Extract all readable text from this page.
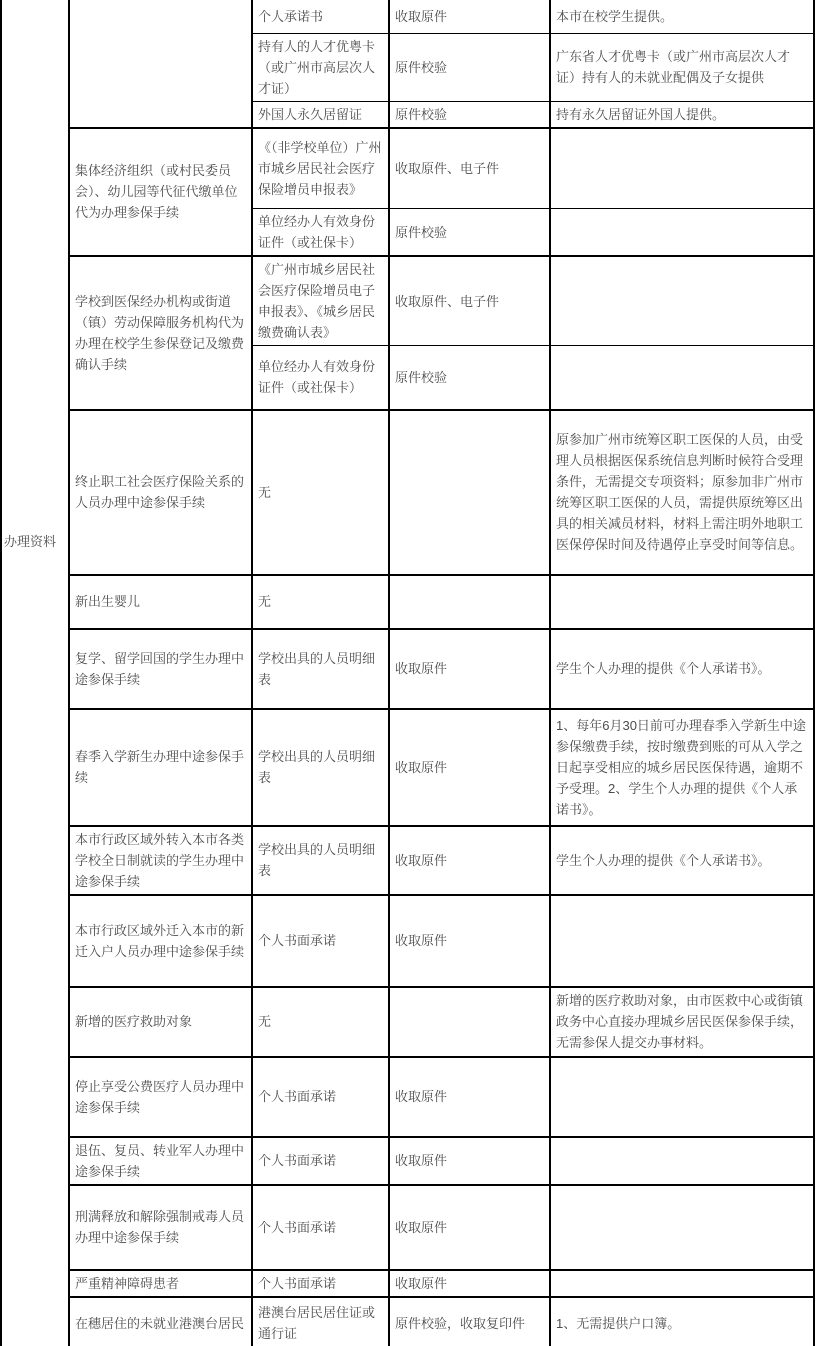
办理资料		个人承诺书	收取原件	本市在校学生提供。
		持有人的人才优粤卡（或广州市高层次人才证）	原件校验	广东省人才优粤卡（或广州市高层次人才证）持有人的未就业配偶及子女提供
		外国人永久居留证	原件校验	持有永久居留证外国人提供。
	集体经济组织（或村民委员会）、幼儿园等代征代缴单位代为办理参保手续	《（非学校单位）广州市城乡居民社会医疗保险增员申报表》	收取原件、电子件	
		单位经办人有效身份证件（或社保卡）	原件校验	
	学校到医保经办机构或街道（镇）劳动保障服务机构代为办理在校学生参保登记及缴费确认手续	《广州市城乡居民社会医疗保险增员电子申报表》、《城乡居民缴费确认表》	收取原件、电子件	
		单位经办人有效身份证件（或社保卡）	原件校验	
	终止职工社会医疗保险关系的人员办理中途参保手续	无		原参加广州市统筹区职工医保的人员，由受理人员根据医保系统信息判断时候符合受理条件，无需提交专项资料；原参加非广州市统筹区职工医保的人员，需提供原统筹区出具的相关减员材料，材料上需注明外地职工医保停保时间及待遇停止享受时间等信息。
	新出生婴儿	无		
	复学、留学回国的学生办理中途参保手续	学校出具的人员明细表	收取原件	学生个人办理的提供《个人承诺书》。
	春季入学新生办理中途参保手续	学校出具的人员明细表	收取原件	1、每年6月30日前可办理春季入学新生中途参保缴费手续，按时缴费到账的可从入学之日起享受相应的城乡居民医保待遇，逾期不予受理。2、学生个人办理的提供《个人承诺书》。
	本市行政区域外转入本市各类学校全日制就读的学生办理中途参保手续	学校出具的人员明细表	收取原件	学生个人办理的提供《个人承诺书》。
	本市行政区域外迁入本市的新迁入户人员办理中途参保手续	个人书面承诺	收取原件	
	新增的医疗救助对象	无		新增的医疗救助对象，由市医救中心或街镇政务中心直接办理城乡居民医保参保手续，无需参保人提交办事材料。
	停止享受公费医疗人员办理中途参保手续	个人书面承诺	收取原件	
	退伍、复员、转业军人办理中途参保手续	个人书面承诺	收取原件	
	刑满释放和解除强制戒毒人员办理中途参保手续	个人书面承诺	收取原件	
	严重精神障碍患者	个人书面承诺	收取原件	
	在穗居住的未就业港澳台居民	港澳台居民居住证或通行证	原件校验，收取复印件	1、无需提供户口簿。
